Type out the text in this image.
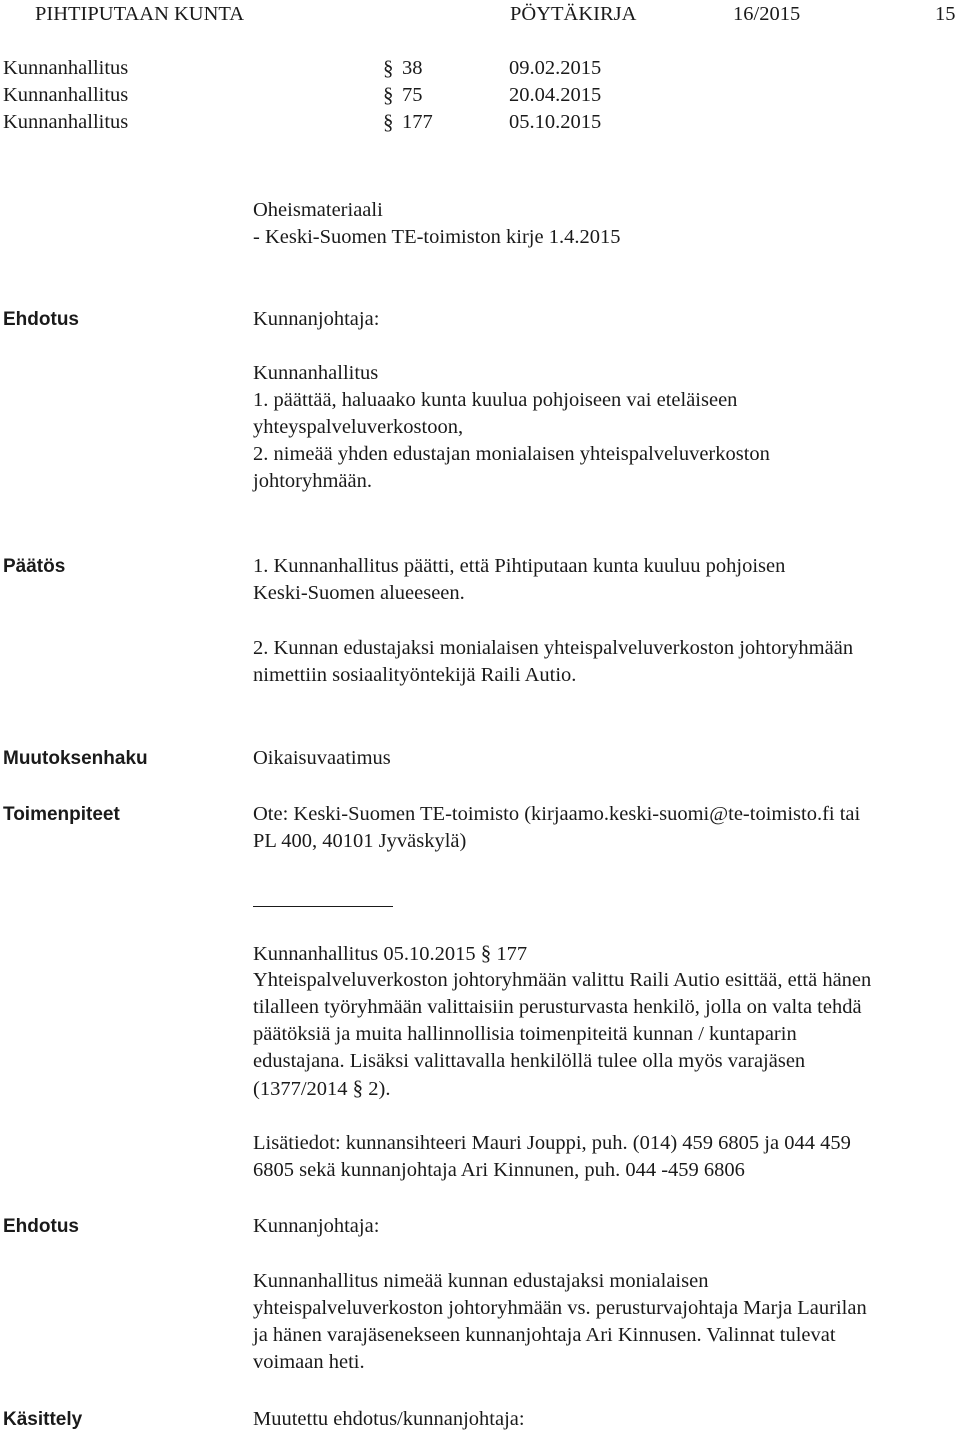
PIHTIPUTAAN KUNTA	PÖYTÄKIRJA	16/2015	15
Kunnanhallitus	§ 38	09.02.2015
Kunnanhallitus	§ 75	20.04.2015
Kunnanhallitus	§ 177	05.10.2015
Oheismateriaali
- Keski-Suomen TE-toimiston kirje 1.4.2015
Ehdotus	Kunnanjohtaja:
Kunnanhallitus
1. päättää, haluaako kunta kuulua pohjoiseen vai eteläiseen
yhteyspalveluverkostoon,
2. nimeää yhden edustajan monialaisen yhteispalveluverkoston
johtoryhmään.
Päätös	1. Kunnanhallitus päätti, että Pihtiputaan kunta kuuluu pohjoisen
Keski-Suomen alueeseen.
2. Kunnan edustajaksi monialaisen yhteispalveluverkoston johtoryhmään
nimettiin sosiaalityöntekijä Raili Autio.
Muutoksenhaku	Oikaisuvaatimus
Toimenpiteet	Ote: Keski-Suomen TE-toimisto (kirjaamo.keski-suomi@te-toimisto.fi tai
PL 400, 40101 Jyväskylä)
Kunnanhallitus 05.10.2015 § 177
Yhteispalveluverkoston johtoryhmään valittu Raili Autio esittää, että hänen
tilalleen työryhmään valittaisiin perusturvasta henkilö, jolla on valta tehdä
päätöksiä ja muita hallinnollisia toimenpiteitä kunnan / kuntaparin
edustajana. Lisäksi valittavalla henkilöllä tulee olla myös varajäsen
(1377/2014 § 2).
Lisätiedot: kunnansihteeri Mauri Jouppi, puh. (014) 459 6805 ja 044 459
6805 sekä kunnanjohtaja Ari Kinnunen, puh. 044 -459 6806
Ehdotus	Kunnanjohtaja:
Kunnanhallitus nimeää kunnan edustajaksi monialaisen
yhteispalveluverkoston johtoryhmään vs. perusturvajohtaja Marja Laurilan
ja hänen varajäsenekseen kunnanjohtaja Ari Kinnusen. Valinnat tulevat
voimaan heti.
Käsittely	Muutettu ehdotus/kunnanjohtaja:
